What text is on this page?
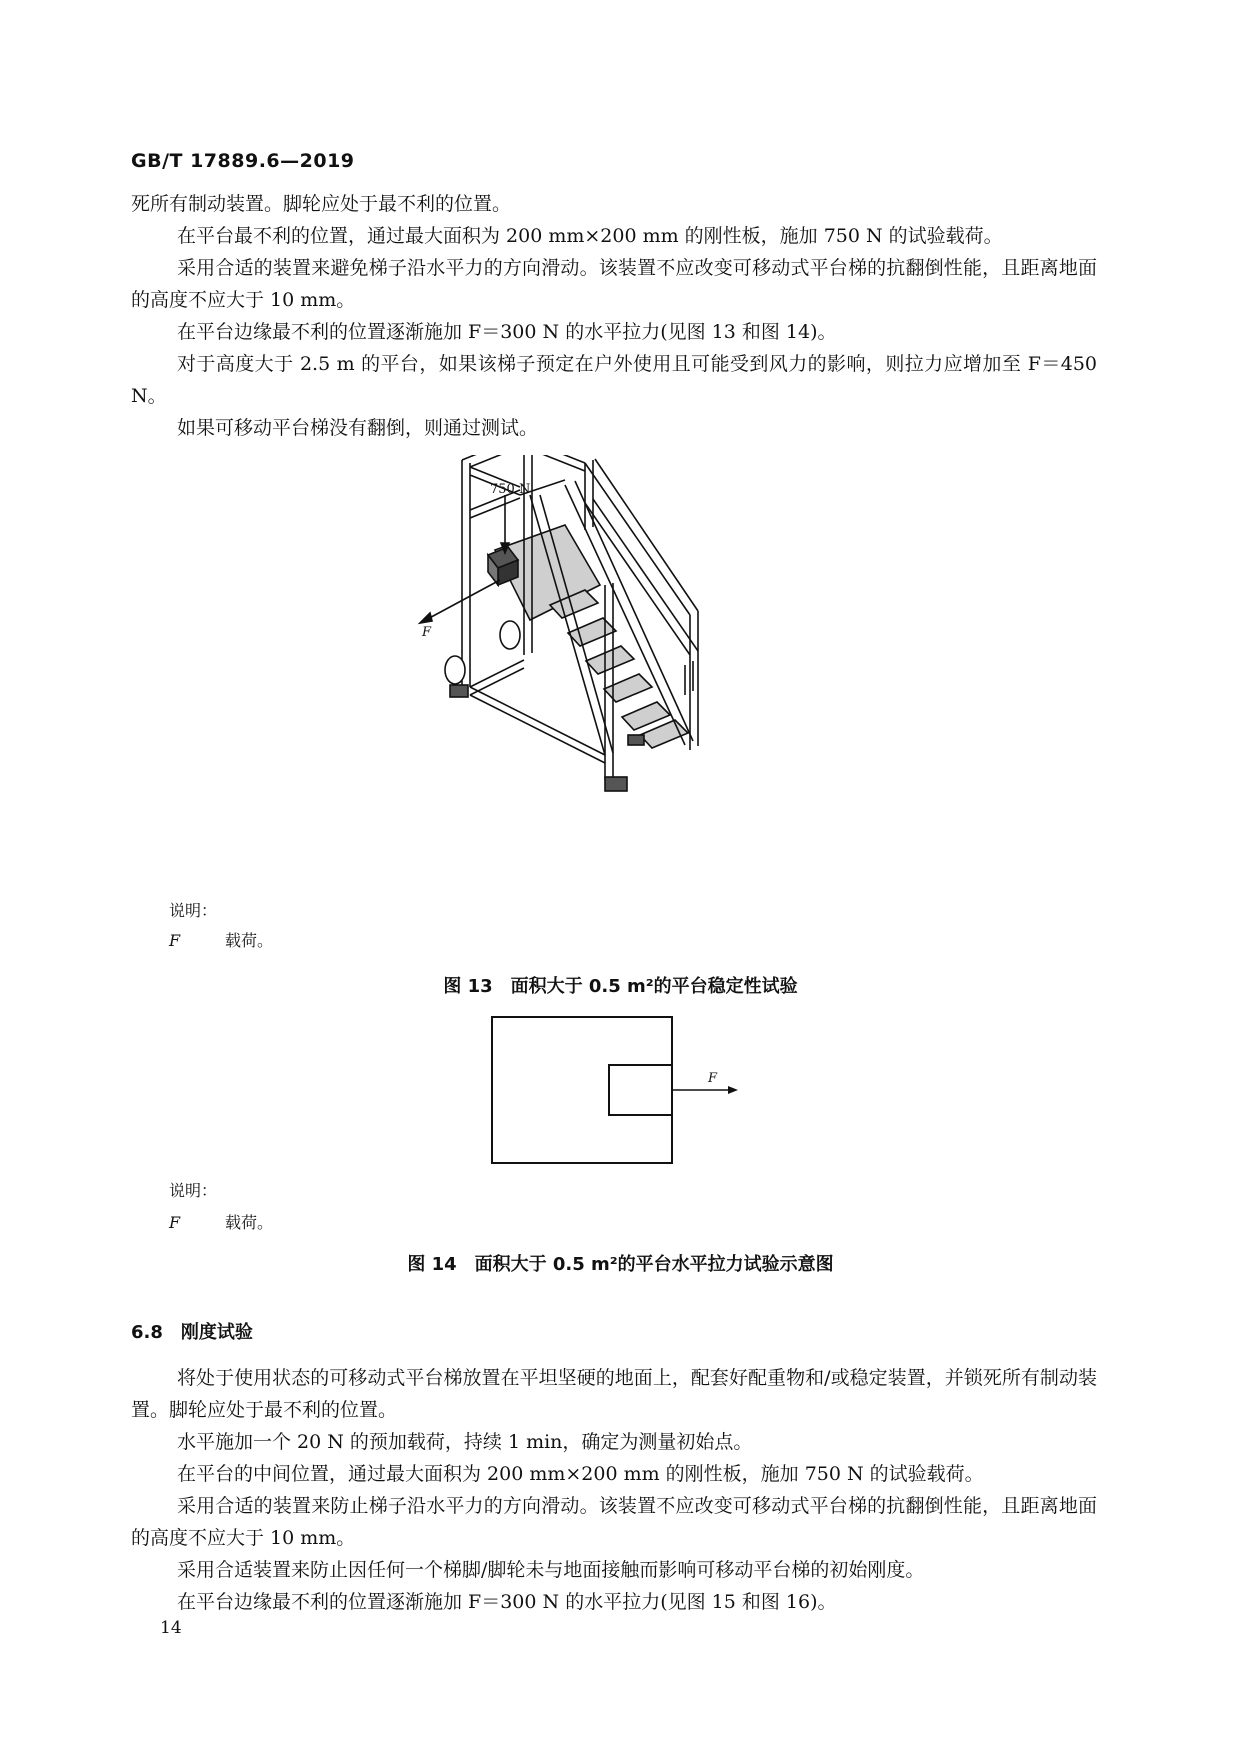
GB/T 17889.6—2019
死所有制动装置。脚轮应处于最不利的位置。
在平台最不利的位置，通过最大面积为 200 mm×200 mm 的刚性板，施加 750 N 的试验载荷。
采用合适的装置来避免梯子沿水平力的方向滑动。该装置不应改变可移动式平台梯的抗翻倒性能，且距离地面的高度不应大于 10 mm。
在平台边缘最不利的位置逐渐施加 F＝300 N 的水平拉力(见图 13 和图 14)。
对于高度大于 2.5 m 的平台，如果该梯子预定在户外使用且可能受到风力的影响，则拉力应增加至 F＝450 N。
如果可移动平台梯没有翻倒，则通过测试。
750 N
F
说明：
F	载荷。
图 13　面积大于 0.5 m²的平台稳定性试验
F
说明：
F	载荷。
图 14　面积大于 0.5 m²的平台水平拉力试验示意图
6.8　刚度试验
将处于使用状态的可移动式平台梯放置在平坦坚硬的地面上，配套好配重物和/或稳定装置，并锁死所有制动装置。脚轮应处于最不利的位置。
水平施加一个 20 N 的预加载荷，持续 1 min，确定为测量初始点。
在平台的中间位置，通过最大面积为 200 mm×200 mm 的刚性板，施加 750 N 的试验载荷。
采用合适的装置来防止梯子沿水平力的方向滑动。该装置不应改变可移动式平台梯的抗翻倒性能，且距离地面的高度不应大于 10 mm。
采用合适装置来防止因任何一个梯脚/脚轮未与地面接触而影响可移动平台梯的初始刚度。
在平台边缘最不利的位置逐渐施加 F＝300 N 的水平拉力(见图 15 和图 16)。
14
